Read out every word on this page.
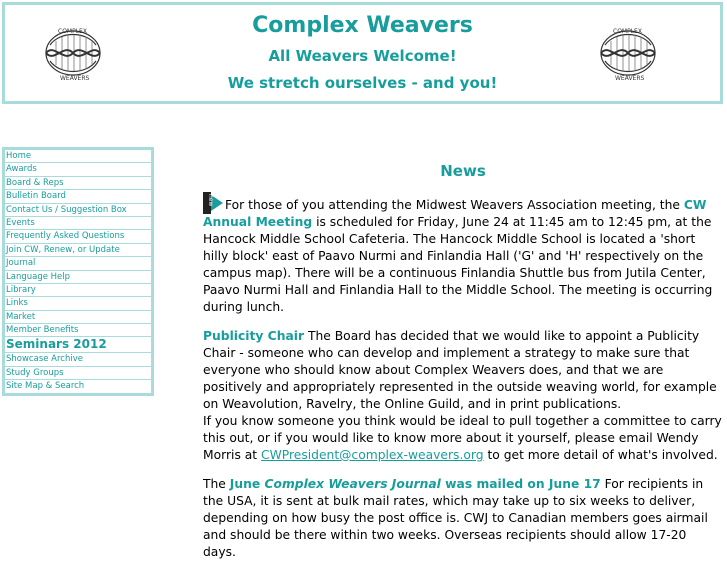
COMPLEX
WEAVERS
COMPLEX
WEAVERS
Complex Weavers
All Weavers Welcome!
We stretch ourselves - and you!
Home
Awards
Board & Reps
Bulletin Board
Contact Us / Suggestion Box
Events
Frequently Asked Questions
Join CW, Renew, or Update
Journal
Language Help
Library
Links
Market
Member Benefits
Seminars 2012
Showcase Archive
Study Groups
Site Map & Search
News
new For those of you attending the Midwest Weavers Association meeting, the CW Annual Meeting is scheduled for Friday, June 24 at 11:45 am to 12:45 pm, at the Hancock Middle School Cafeteria. The Hancock Middle School is located a 'short hilly block' east of Paavo Nurmi and Finlandia Hall ('G' and 'H' respectively on the campus map). There will be a continuous Finlandia Shuttle bus from Jutila Center, Paavo Nurmi Hall and Finlandia Hall to the Middle School. The meeting is occurring during lunch.
Publicity Chair The Board has decided that we would like to appoint a Publicity Chair - someone who can develop and implement a strategy to make sure that everyone who should know about Complex Weavers does, and that we are positively and appropriately represented in the outside weaving world, for example on Weavolution, Ravelry, the Online Guild, and in print publications.
If you know someone you think would be ideal to pull together a committee to carry this out, or if you would like to know more about it yourself, please email Wendy Morris at CWPresident@complex-weavers.org to get more detail of what's involved.
The June Complex Weavers Journal was mailed on June 17 For recipients in the USA, it is sent at bulk mail rates, which may take up to six weeks to deliver, depending on how busy the post office is. CWJ to Canadian members goes airmail and should be there within two weeks. Overseas recipients should allow 17-20 days.
